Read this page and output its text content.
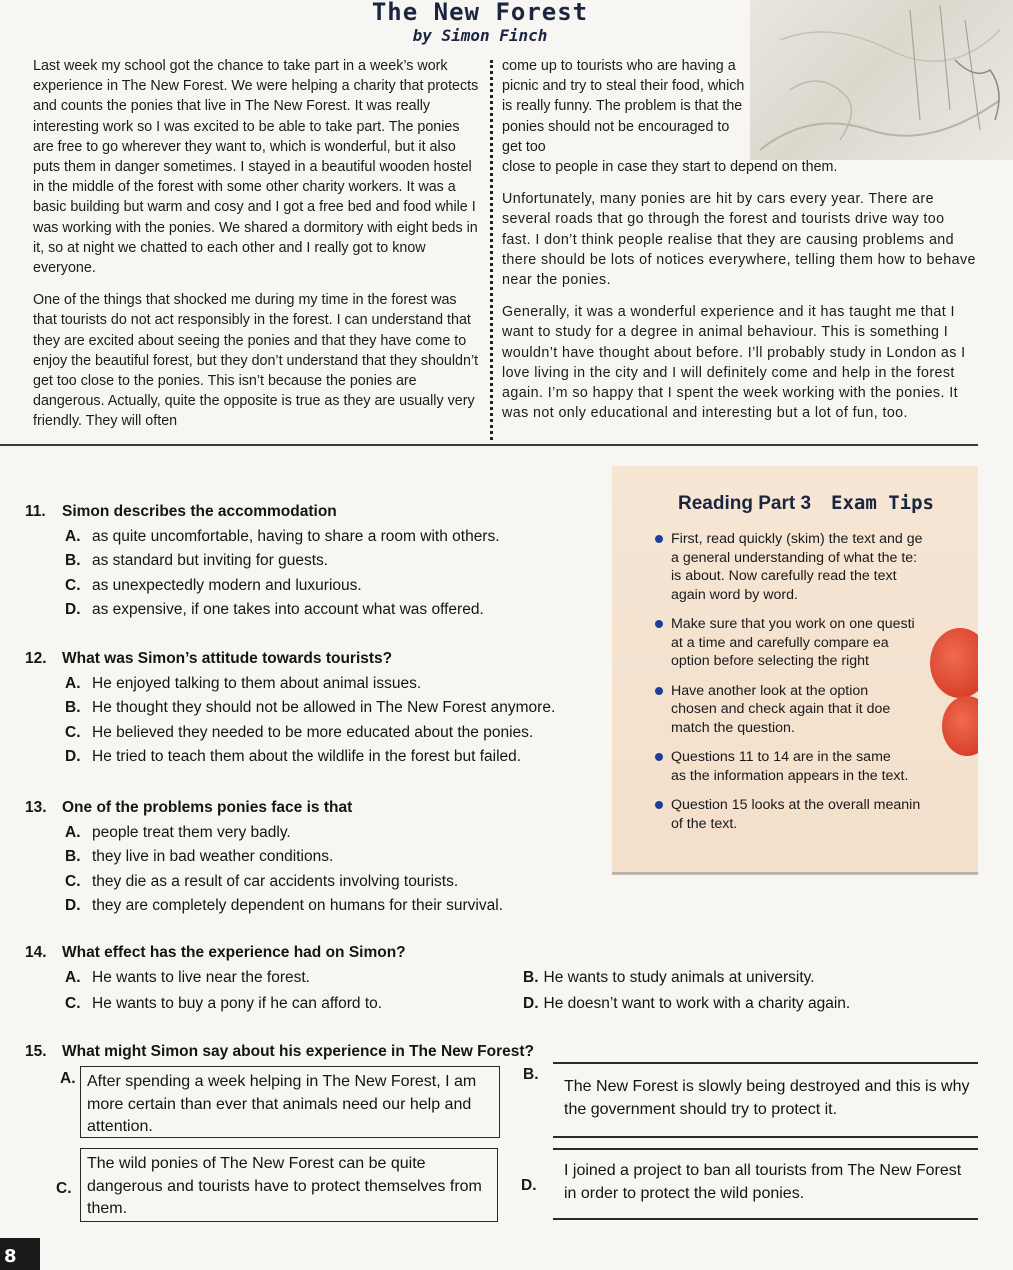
The New Forest
by Simon Finch

Last week my school got the chance to take part in a week’s work experience in The New Forest. We were helping a charity that protects and counts the ponies that live in The New Forest. It was really interesting work so I was excited to be able to take part. The ponies are free to go wherever they want to, which is wonderful, but it also puts them in danger sometimes. I stayed in a beautiful wooden hostel in the middle of the forest with some other charity workers. It was a basic building but warm and cosy and I got a free bed and food while I was working with the ponies. We shared a dormitory with eight beds in it, so at night we chatted to each other and I really got to know everyone.

One of the things that shocked me during my time in the forest was that tourists do not act responsibly in the forest. I can understand that they are excited about seeing the ponies and that they have come to enjoy the beautiful forest, but they don’t understand that they shouldn’t get too close to the ponies. This isn’t because the ponies are dangerous. Actually, quite the opposite is true as they are usually very friendly. They will often

come up to tourists who are having a picnic and try to steal their food, which is really funny. The problem is that the ponies should not be encouraged to get too

close to people in case they start to depend on them.

Unfortunately, many ponies are hit by cars every year. There are several roads that go through the forest and tourists drive way too fast. I don’t think people realise that they are causing problems and there should be lots of notices everywhere, telling them how to behave near the ponies.

Generally, it was a wonderful experience and it has taught me that I want to study for a degree in animal behaviour. This is something I wouldn’t have thought about before. I’ll probably study in London as I love living in the city and I will definitely come and help in the forest again. I’m so happy that I spent the week working with the ponies. It was not only educational and interesting but a lot of fun, too.

11. Simon describes the accommodation
A. as quite uncomfortable, having to share a room with others.
B. as standard but inviting for guests.
C. as unexpectedly modern and luxurious.
D. as expensive, if one takes into account what was offered.
12. What was Simon’s attitude towards tourists?
A. He enjoyed talking to them about animal issues.
B. He thought they should not be allowed in The New Forest anymore.
C. He believed they needed to be more educated about the ponies.
D. He tried to teach them about the wildlife in the forest but failed.
13. One of the problems ponies face is that
A. people treat them very badly.
B. they live in bad weather conditions.
C. they die as a result of car accidents involving tourists.
D. they are completely dependent on humans for their survival.
14. What effect has the experience had on Simon?
A. He wants to live near the forest.	B. He wants to study animals at university.
C. He wants to buy a pony if he can afford to.	D. He doesn’t want to work with a charity again.
15. What might Simon say about his experience in The New Forest?
A. After spending a week helping in The New Forest, I am more certain than ever that animals need our help and attention.
B.
The New Forest is slowly being destroyed and this is why the government should try to protect it.
C.
The wild ponies of The New Forest can be quite dangerous and tourists have to protect themselves from them.
D.
I joined a project to ban all tourists from The New Forest in order to protect the wild ponies.
Reading Part 3 Exam Tips
First, read quickly (skim) the text and ge
a general understanding of what the te:
is about. Now carefully read the text
again word by word.
Make sure that you work on one questi
at a time and carefully compare ea
option before selecting the right
Have another look at the option
chosen and check again that it doe
match the question.
Questions 11 to 14 are in the same
as the information appears in the text.
Question 15 looks at the overall meanin
of the text.
8
